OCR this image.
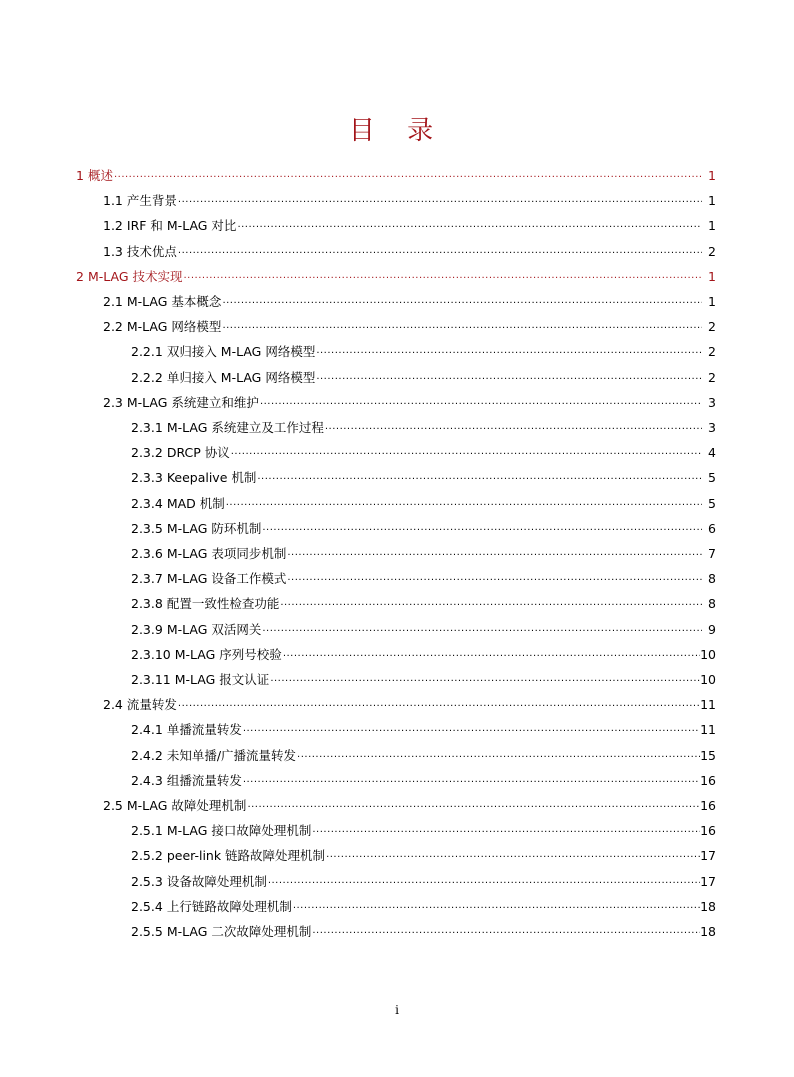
目 录
1 概述 ·····	1
1.1 产生背景 ·····	1
1.2 IRF 和 M-LAG 对比 ·····	1
1.3 技术优点 ·····	2
2 M-LAG 技术实现 ·····	1
2.1 M-LAG 基本概念 ·····	1
2.2 M-LAG 网络模型 ·····	2
2.2.1 双归接入 M-LAG 网络模型 ·····	2
2.2.2 单归接入 M-LAG 网络模型 ·····	2
2.3 M-LAG 系统建立和维护 ·····	3
2.3.1 M-LAG 系统建立及工作过程 ·····	3
2.3.2 DRCP 协议 ·····	4
2.3.3 Keepalive 机制 ·····	5
2.3.4 MAD 机制 ·····	5
2.3.5 M-LAG 防环机制 ·····	6
2.3.6 M-LAG 表项同步机制 ·····	7
2.3.7 M-LAG 设备工作模式 ·····	8
2.3.8 配置一致性检查功能 ·····	8
2.3.9 M-LAG 双活网关 ·····	9
2.3.10 M-LAG 序列号校验 ·····	10
2.3.11 M-LAG 报文认证 ·····	10
2.4 流量转发 ·····	11
2.4.1 单播流量转发 ·····	11
2.4.2 未知单播/广播流量转发 ·····	15
2.4.3 组播流量转发 ·····	16
2.5 M-LAG 故障处理机制 ·····	16
2.5.1 M-LAG 接口故障处理机制 ·····	16
2.5.2 peer-link 链路故障处理机制 ·····	17
2.5.3 设备故障处理机制 ·····	17
2.5.4 上行链路故障处理机制 ·····	18
2.5.5 M-LAG 二次故障处理机制 ·····	18
i
